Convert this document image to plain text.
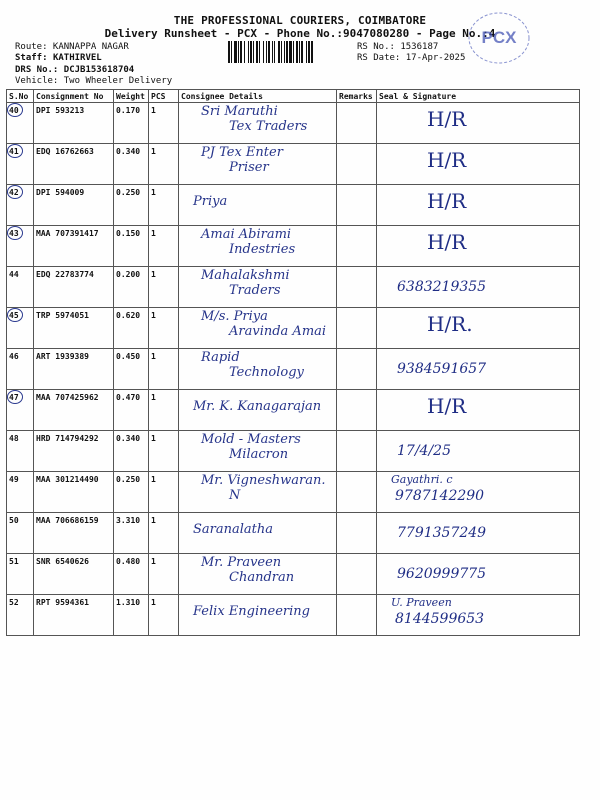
THE PROFESSIONAL COURIERS, COIMBATORE
Delivery Runsheet - PCX - Phone No.:9047080280 - Page No.:4
Route: KANNAPPA NAGAR
Staff: KATHIRVEL
DRS No.: DCJB153618704
Vehicle: Two Wheeler Delivery
RS No.: 1536187
RS Date: 17-Apr-2025
PCX
S.No	Consignment No	Weight	PCS	Consignee Details	Remarks	Seal & Signature
40	DPI 593213	0.170	1	Sri Maruthi
Tex Traders		H/R

41	EDQ 16762663	0.340	1	PJ Tex Enter
Priser		H/R

42	DPI 594009	0.250	1	Priya		H/R

43	MAA 707391417	0.150	1	Amai Abirami
Indestries		H/R

44	EDQ 22783774	0.200	1	Mahalakshmi
Traders		6383219355

45	TRP 5974051	0.620	1	M/s. Priya
Aravinda Amai		H/R.

46	ART 1939389	0.450	1	Rapid
Technology		9384591657

47	MAA 707425962	0.470	1	Mr. K. Kanagarajan		H/R

48	HRD 714794292	0.340	1	Mold - Masters
Milacron		17/4/25

49	MAA 301214490	0.250	1	Mr. Vigneshwaran.
N		Gayathri. c
9787142290

50	MAA 706686159	3.310	1	Saranalatha		7791357249

51	SNR 6540626	0.480	1	Mr. Praveen
Chandran		9620999775

52	RPT 9594361	1.310	1	Felix Engineering		U. Praveen
8144599653
